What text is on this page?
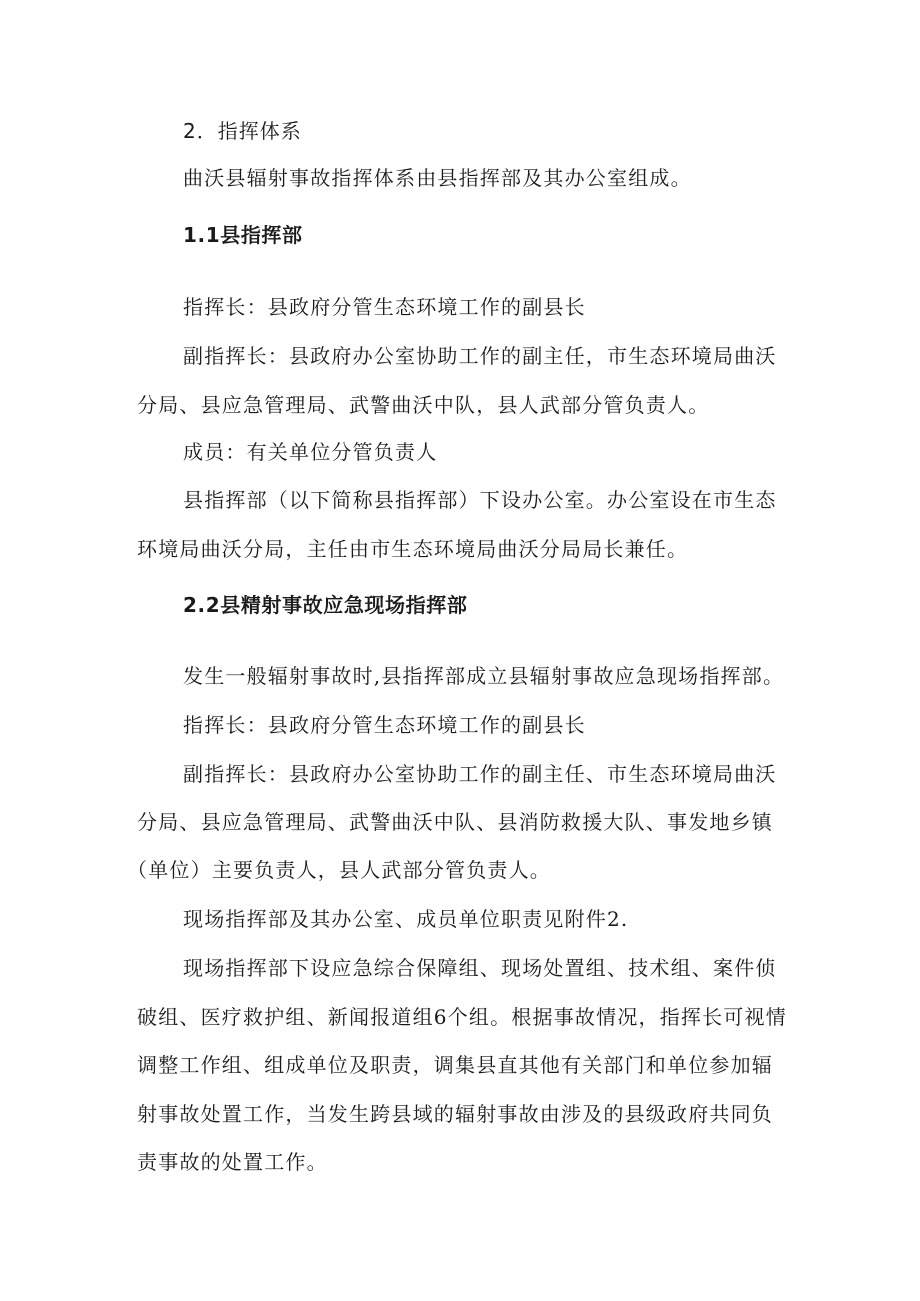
2．指挥体系
曲沃县辐射事故指挥体系由县指挥部及其办公室组成。
1.1县指挥部
指挥长：县政府分管生态环境工作的副县长
副指挥长：县政府办公室协助工作的副主任，市生态环境局曲沃
分局、县应急管理局、武警曲沃中队，县人武部分管负责人。
成员：有关单位分管负责人
县指挥部（以下简称县指挥部）下设办公室。办公室设在市生态
环境局曲沃分局，主任由市生态环境局曲沃分局局长兼任。
2.2县精射事故应急现场指挥部
发生一般辐射事故时,县指挥部成立县辐射事故应急现场指挥部。
指挥长：县政府分管生态环境工作的副县长
副指挥长：县政府办公室协助工作的副主任、市生态环境局曲沃
分局、县应急管理局、武警曲沃中队、县消防救援大队、事发地乡镇
（单位）主要负责人，县人武部分管负责人。
现场指挥部及其办公室、成员单位职责见附件2.
现场指挥部下设应急综合保障组、现场处置组、技术组、案件侦
破组、医疗救护组、新闻报道组6个组。根据事故情况，指挥长可视情
调整工作组、组成单位及职责，调集县直其他有关部门和单位参加辐
射事故处置工作，当发生跨县域的辐射事故由涉及的县级政府共同负
责事故的处置工作。
